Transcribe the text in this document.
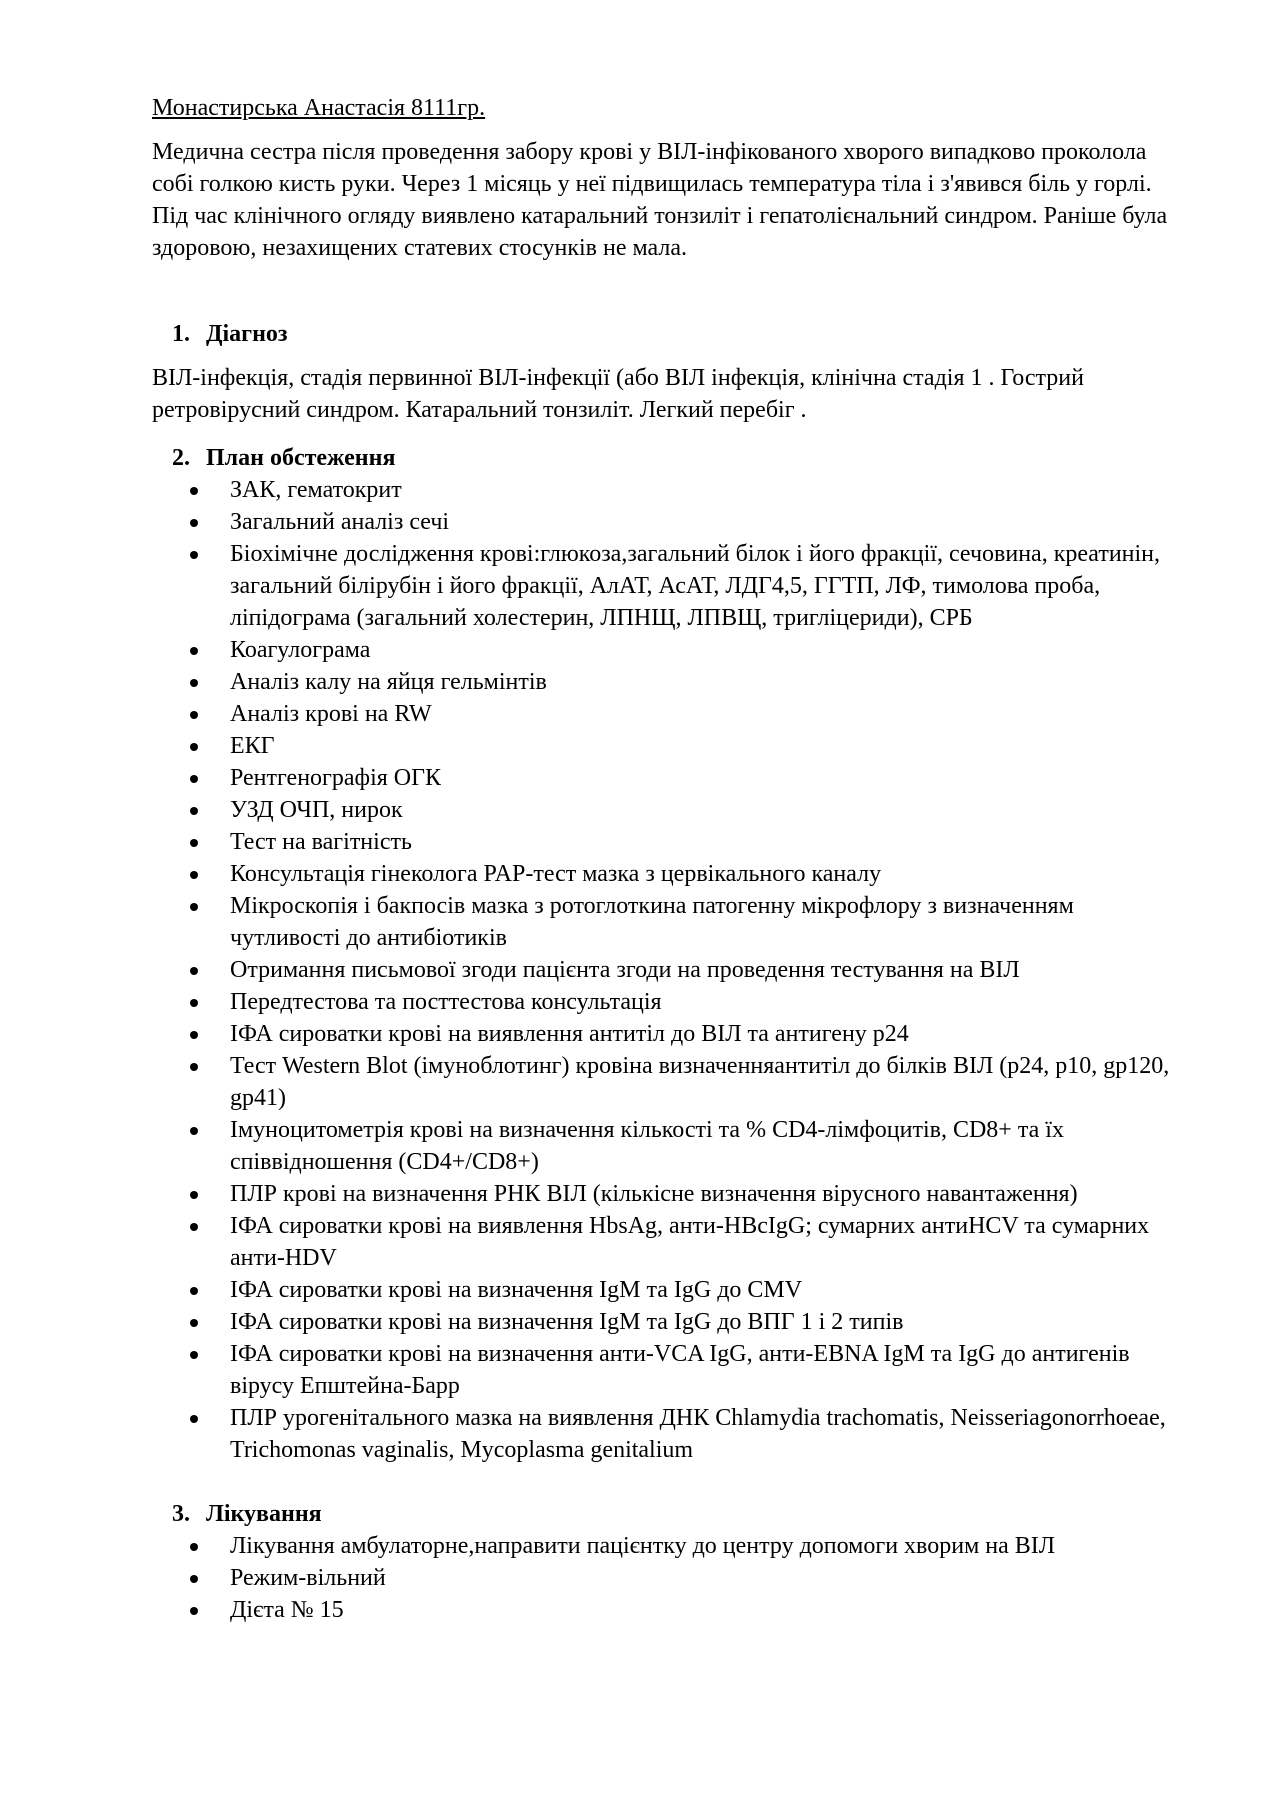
Монастирська Анастасія 8111гр.

Медична сестра після проведення забору крові у ВІЛ-інфікованого хворого випадково проколола собі голкою кисть руки. Через 1 місяць у неї підвищилась температура тіла і з'явився біль у горлі. Під час клінічного огляду виявлено катаральний тонзиліт і гепатолієнальний синдром. Раніше була здоровою, незахищених статевих стосунків не мала.

1. Діагноз

ВІЛ-інфекція, стадія первинної ВІЛ-інфекції (або ВІЛ інфекція, клінічна стадія 1 . Гострий ретровірусний синдром. Катаральний тонзиліт. Легкий перебіг .

2. План обстеження
ЗАК, гематокрит
Загальний аналіз сечі
Біохімічне дослідження крові:глюкоза,загальний білок і його фракції, сечовина, креатинін, загальний білірубін і його фракції, АлАТ, АсАТ, ЛДГ4,5, ГГТП, ЛФ, тимолова проба, ліпідограма (загальний холестерин, ЛПНЩ, ЛПВЩ, тригліцериди), СРБ
Коагулограма
Аналіз калу на яйця гельмінтів
Аналіз крові на RW
ЕКГ
Рентгенографія ОГК
УЗД ОЧП, нирок
Тест на вагітність
Консультація гінеколога PAP-тест мазка з цервікального каналу
Мікроскопія і бакпосів мазка з ротоглоткина патогенну мікрофлору з визначенням чутливості до антибіотиків
Отримання письмової згоди пацієнта згоди на проведення тестування на ВІЛ
Передтестова та посттестова консультація
ІФА сироватки крові на виявлення антитіл до ВІЛ та антигену p24
Тест Western Blot (імуноблотинг) кровіна визначенняантитіл до білків ВІЛ (p24, p10, gp120, gp41)
Імуноцитометрія крові на визначення кількості та % CD4-лімфоцитів, CD8+ та їх співвідношення (CD4+/CD8+)
ПЛР крові на визначення РНК ВІЛ (кількісне визначення вірусного навантаження)
ІФА сироватки крові на виявлення HbsAg, анти-HBcIgG; сумарних антиHCV та сумарних анти-HDV
ІФА сироватки крові на визначення IgM та IgG до CMV
ІФА сироватки крові на визначення IgM та IgG до ВПГ 1 і 2 типів
ІФА сироватки крові на визначення анти-VCA IgG, анти-EBNA IgM та IgG до антигенів вірусу Епштейна-Барр
ПЛР урогенітального мазка на виявлення ДНК Chlamydia trachomatis, Neisseriagonorrhoeae, Trichomonas vaginalis, Mycoplasma genitalium
3. Лікування
Лікування амбулаторне,направити пацієнтку до центру допомоги хворим на ВІЛ
Режим-вільний
Дієта № 15
